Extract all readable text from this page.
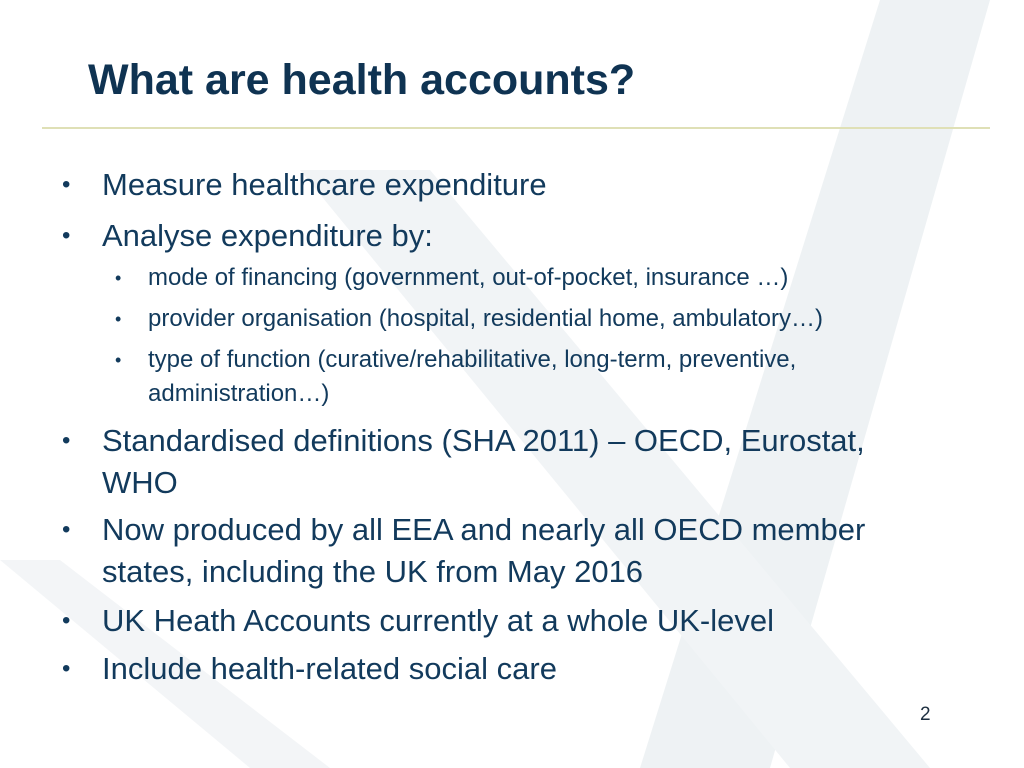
What are health accounts?
• Measure healthcare expenditure
• Analyse expenditure by:
• mode of financing (government, out-of-pocket, insurance …)
• provider organisation (hospital, residential home, ambulatory…)
• type of function (curative/rehabilitative, long-term, preventive,
administration…)
• Standardised definitions (SHA 2011) – OECD, Eurostat,
WHO
• Now produced by all EEA and nearly all OECD member
states, including the UK from May 2016
• UK Heath Accounts currently at a whole UK-level
• Include health-related social care
2
